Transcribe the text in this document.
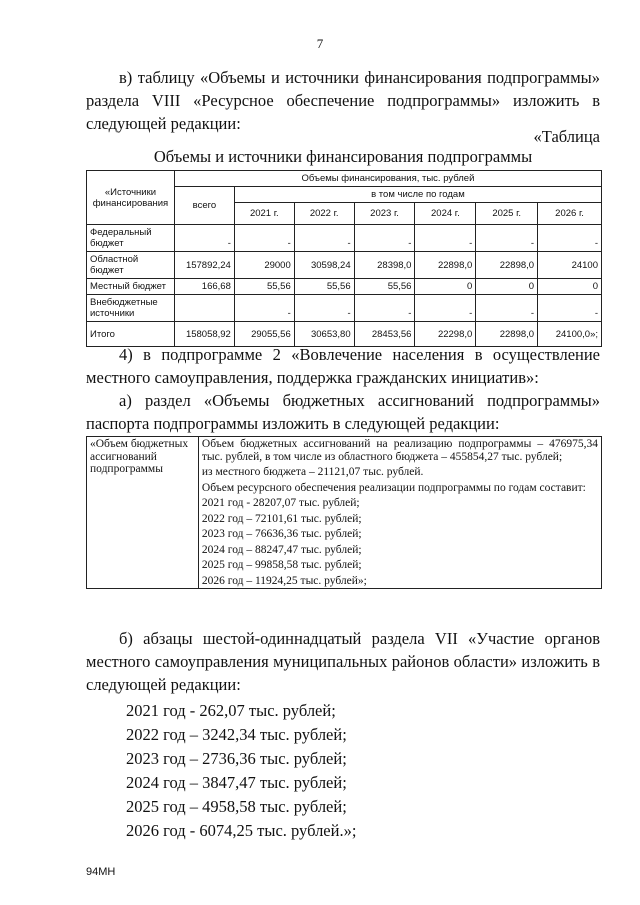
7
в) таблицу «Объемы и источники финансирования подпрограммы» раздела VIII «Ресурсное обеспечение подпрограммы» изложить в следующей редакции:
«Таблица
Объемы и источники финансирования подпрограммы
«Источники финансирования	Объемы финансирования, тыс. рублей						
	всего	в том числе по годам					
		2021 г.	2022 г.	2023 г.	2024 г.	2025 г.	2026 г.
Федеральный бюджет	-	-	-	-	-	-	-
Областной бюджет	157892,24	29000	30598,24	28398,0	22898,0	22898,0	24100
Местный бюджет	166,68	55,56	55,56	55,56	0	0	0
Внебюджетные источники		-	-	-	-	-	-
Итого	158058,92	29055,56	30653,80	28453,56	22298,0	22898,0	24100,0»;
4) в подпрограмме 2 «Вовлечение населения в осуществление местного самоуправления, поддержка гражданских инициатив»:
а) раздел «Объемы бюджетных ассигнований подпрограммы» паспорта подпрограммы изложить в следующей редакции:
«Объем бюджетных ассигнований подпрограммы	
Объем бюджетных ассигнований на реализацию подпрограммы – 476975,34 тыс. рублей, в том числе из областного бюджета – 455854,27 тыс. рублей;
из местного бюджета – 21121,07 тыс. рублей.
Объем ресурсного обеспечения реализации подпрограммы по годам составит:
2021 год - 28207,07 тыс. рублей;
2022 год – 72101,61 тыс. рублей;
2023 год – 76636,36 тыс. рублей;
2024 год – 88247,47 тыс. рублей;
2025 год – 99858,58 тыс. рублей;
2026 год – 11924,25 тыс. рублей»;
б) абзацы шестой-одиннадцатый раздела VII «Участие органов местного самоуправления муниципальных районов области» изложить в следующей редакции:
2021 год - 262,07 тыс. рублей;
2022 год – 3242,34 тыс. рублей;
2023 год – 2736,36 тыс. рублей;
2024 год – 3847,47 тыс. рублей;
2025 год – 4958,58 тыс. рублей;
2026 год - 6074,25 тыс. рублей.»;
94МН
